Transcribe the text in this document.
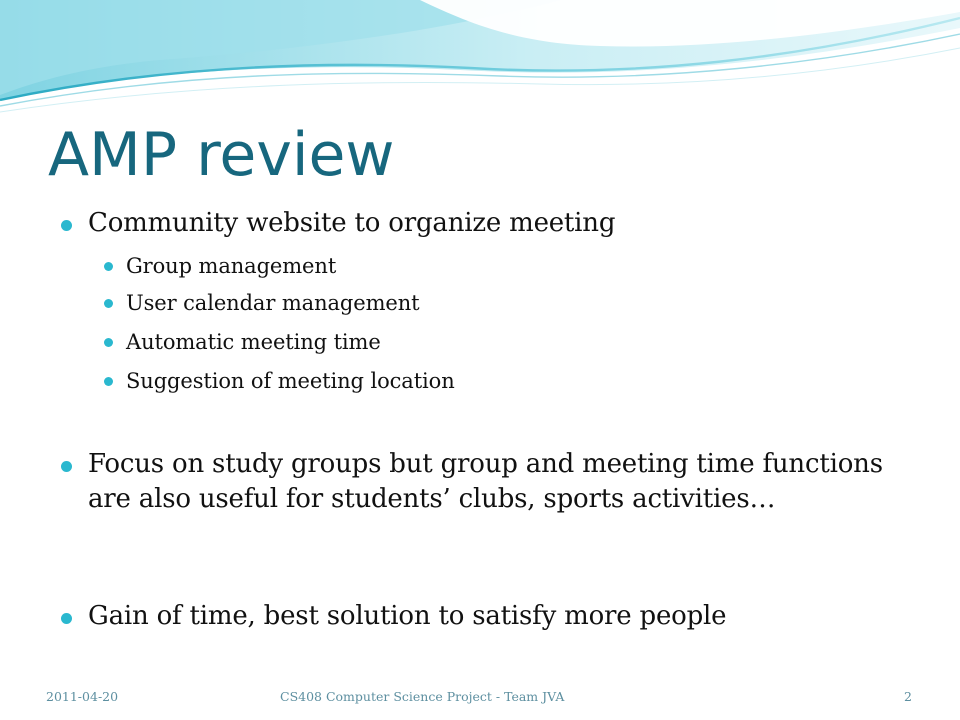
AMP review
Community website to organize meeting
Group management
User calendar management
Automatic meeting time
Suggestion of meeting location
Focus on study groups but group and meeting time functions are also useful for students’ clubs, sports activities…
Gain of time, best solution to satisfy more people
2011-04-20	CS408 Computer Science Project - Team JVA	2
